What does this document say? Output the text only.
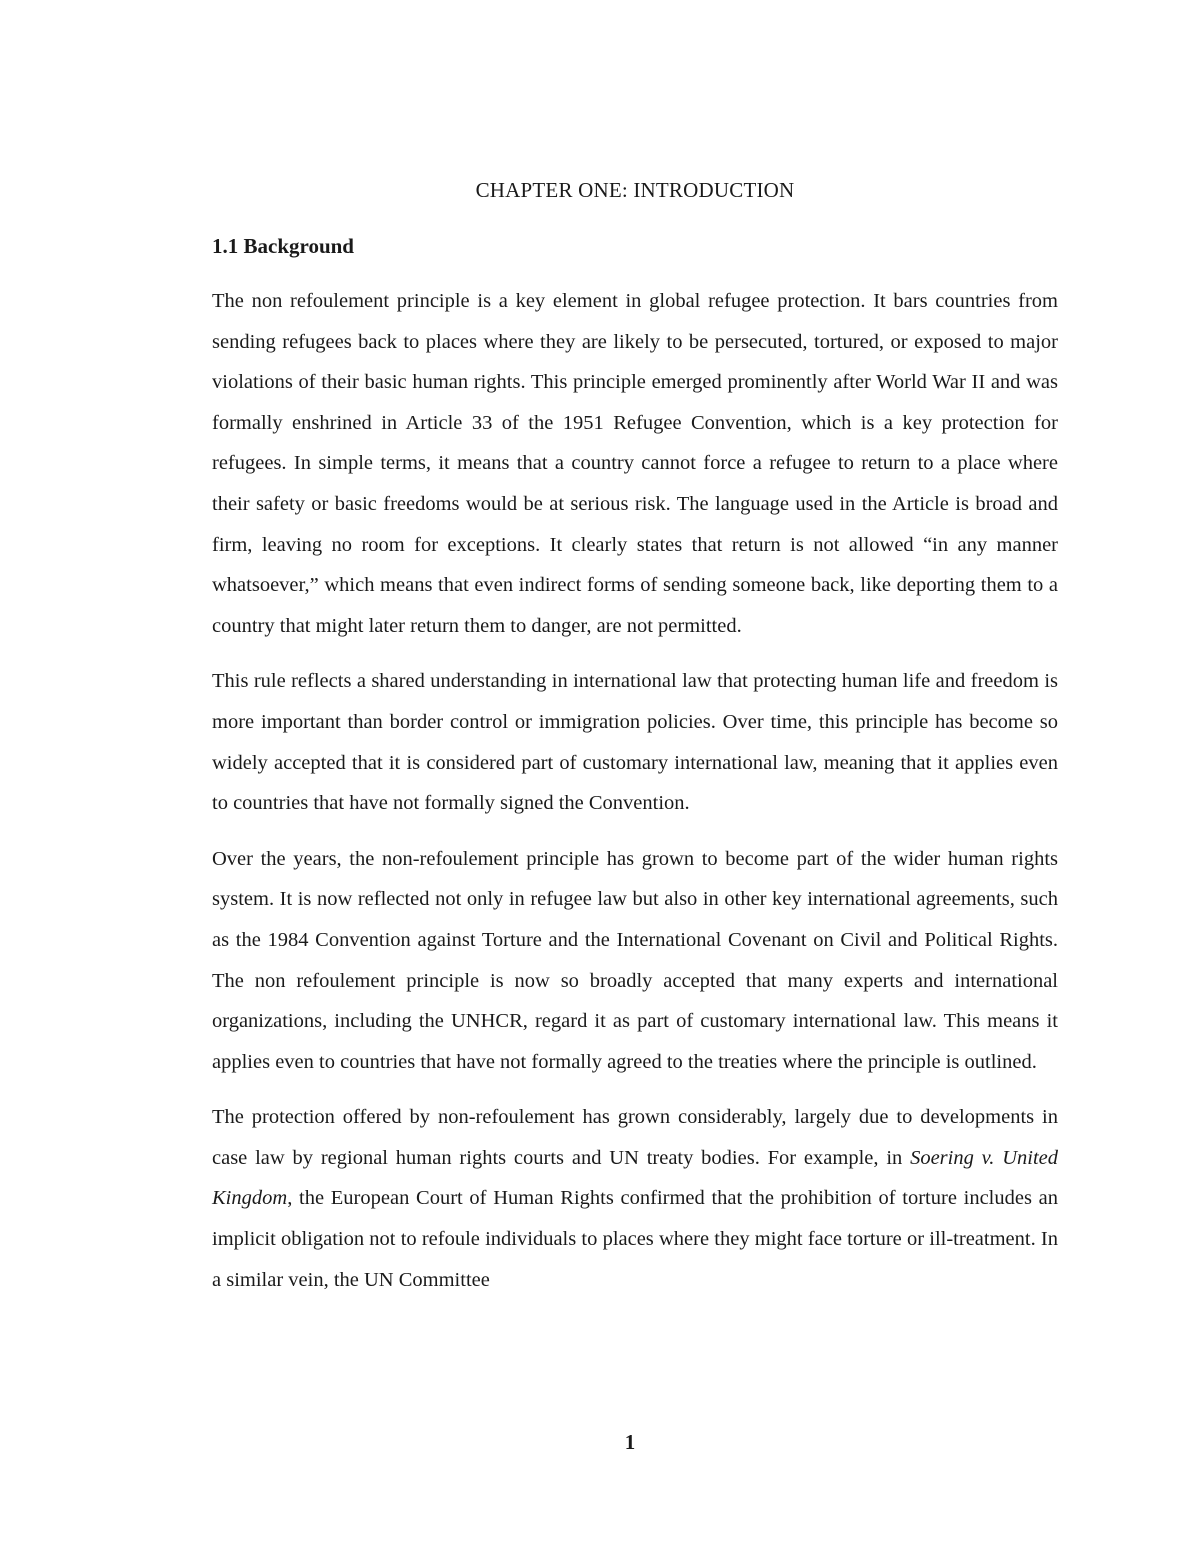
CHAPTER ONE: INTRODUCTION
1.1 Background

The non refoulement principle is a key element in global refugee protection. It bars countries from sending refugees back to places where they are likely to be persecuted, tortured, or exposed to major violations of their basic human rights. This principle emerged prominently after World War II and was formally enshrined in Article 33 of the 1951 Refugee Convention, which is a key protection for refugees. In simple terms, it means that a country cannot force a refugee to return to a place where their safety or basic freedoms would be at serious risk. The language used in the Article is broad and firm, leaving no room for exceptions. It clearly states that return is not allowed “in any manner whatsoever,” which means that even indirect forms of sending someone back, like deporting them to a country that might later return them to danger, are not permitted.

This rule reflects a shared understanding in international law that protecting human life and freedom is more important than border control or immigration policies. Over time, this principle has become so widely accepted that it is considered part of customary international law, meaning that it applies even to countries that have not formally signed the Convention.

Over the years, the non-refoulement principle has grown to become part of the wider human rights system. It is now reflected not only in refugee law but also in other key international agreements, such as the 1984 Convention against Torture and the International Covenant on Civil and Political Rights. The non refoulement principle is now so broadly accepted that many experts and international organizations, including the UNHCR, regard it as part of customary international law. This means it applies even to countries that have not formally agreed to the treaties where the principle is outlined.

The protection offered by non-refoulement has grown considerably, largely due to developments in case law by regional human rights courts and UN treaty bodies. For example, in Soering v. United Kingdom, the European Court of Human Rights confirmed that the prohibition of torture includes an implicit obligation not to refoule individuals to places where they might face torture or ill-treatment. In a similar vein, the UN Committee

1
